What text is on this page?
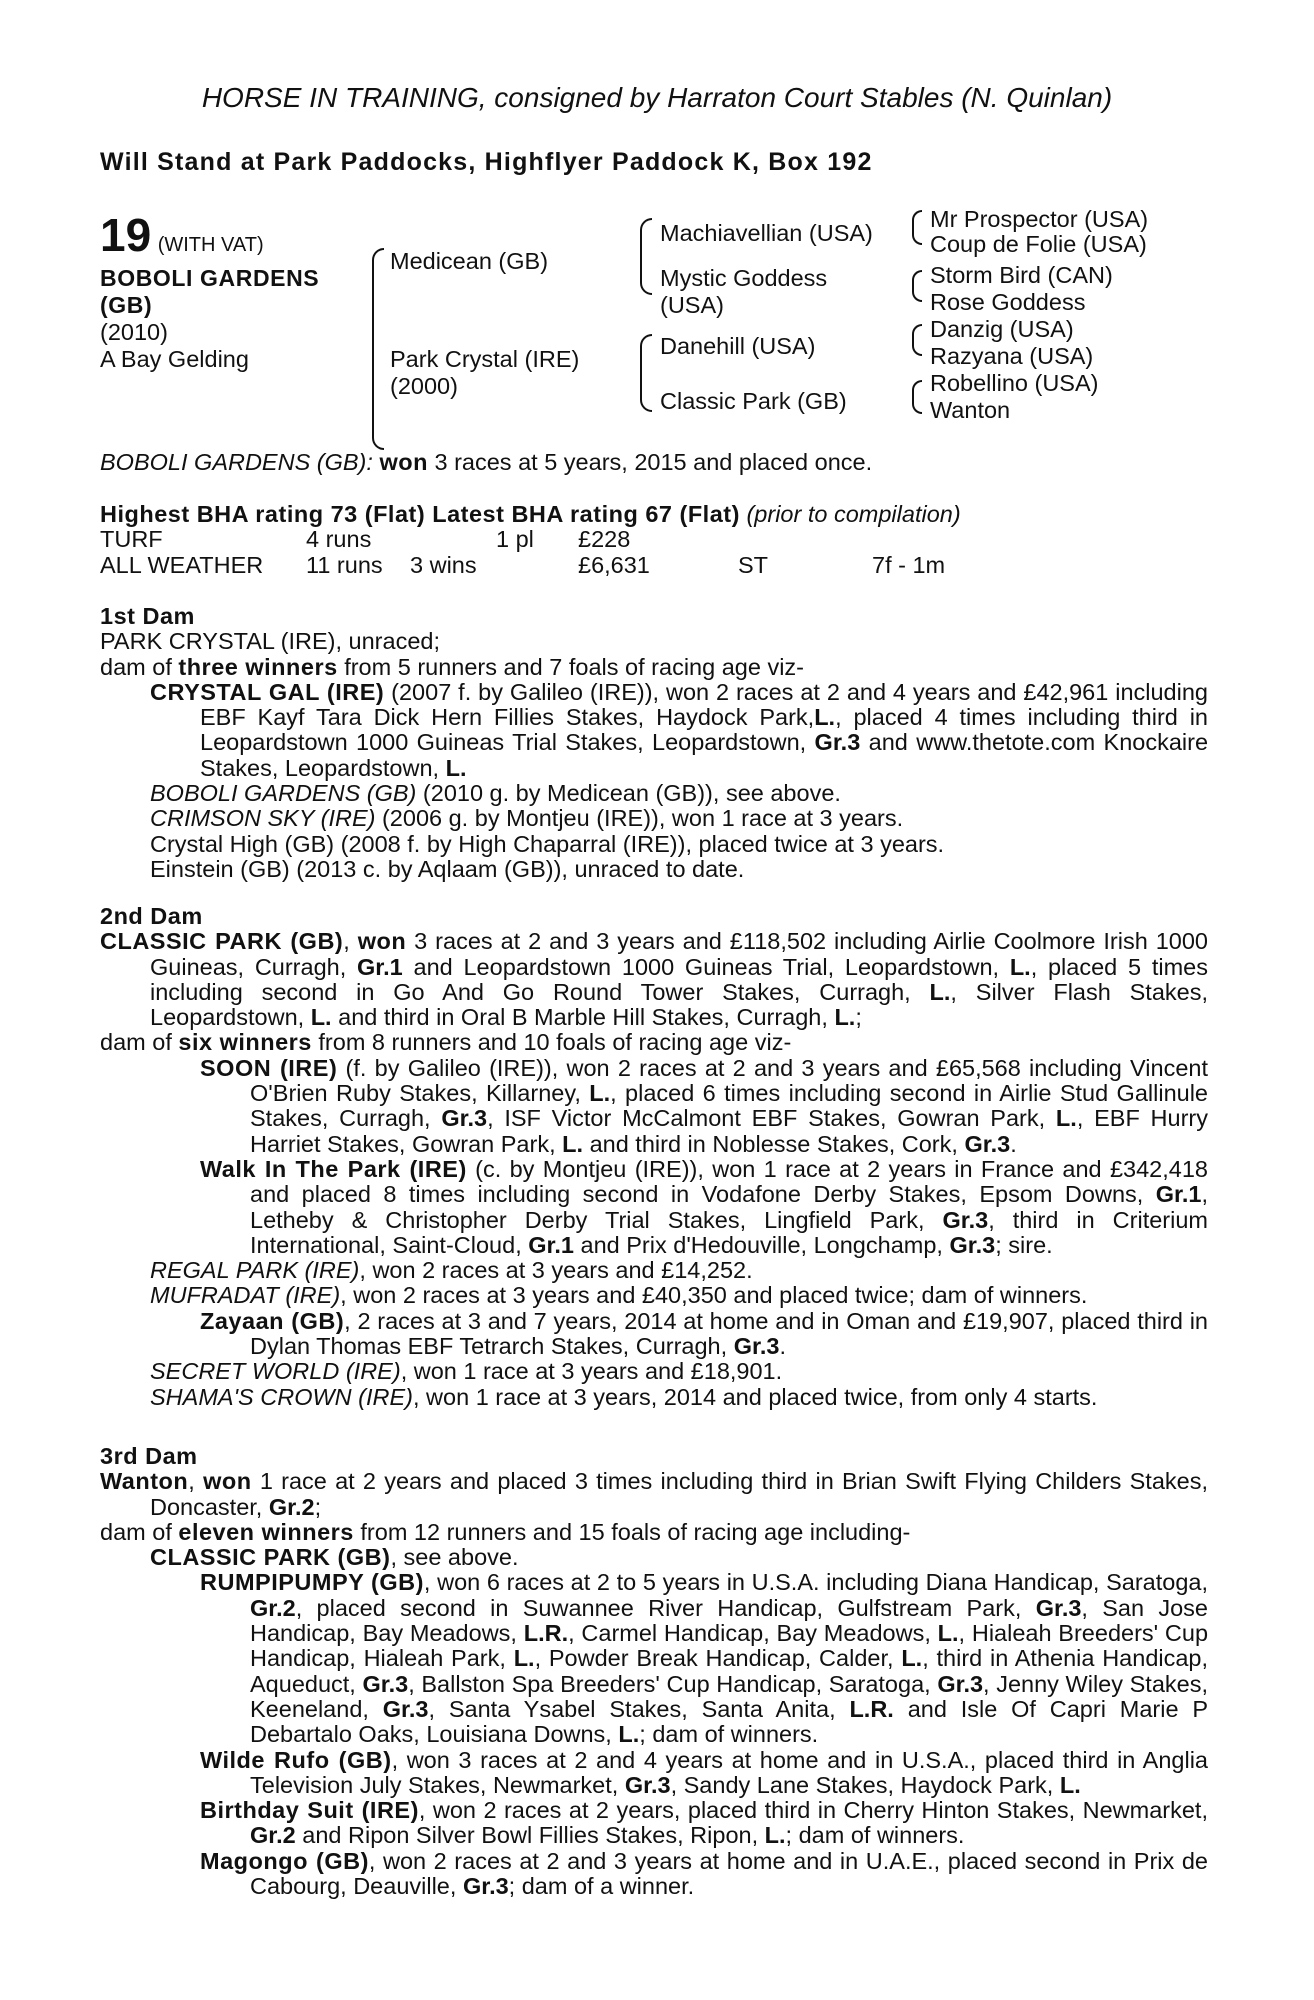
HORSE IN TRAINING, consigned by Harraton Court Stables (N. Quinlan)
Will Stand at Park Paddocks, Highflyer Paddock K, Box 192
19 (WITH VAT)
BOBOLI GARDENS
(GB)
(2010)
A Bay Gelding
Medicean (GB)
Park Crystal (IRE)
(2000)
Machiavellian (USA)
Mystic Goddess
(USA)
Danehill (USA)
Classic Park (GB)
Mr Prospector (USA)
Coup de Folie (USA)
Storm Bird (CAN)
Rose Goddess
Danzig (USA)
Razyana (USA)
Robellino (USA)
Wanton
BOBOLI GARDENS (GB): won 3 races at 5 years, 2015 and placed once.
Highest BHA rating 73 (Flat) Latest BHA rating 67 (Flat) (prior to compilation)
TURF	4 runs	1 pl	£228
ALL WEATHER	11 runs	3 wins	£6,631	ST	7f - 1m
1st Dam

PARK CRYSTAL (IRE), unraced;

dam of three winners from 5 runners and 7 foals of racing age viz-

CRYSTAL GAL (IRE) (2007 f. by Galileo (IRE)), won 2 races at 2 and 4 years and £42,961 including EBF Kayf Tara Dick Hern Fillies Stakes, Haydock Park,L., placed 4 times including third in Leopardstown 1000 Guineas Trial Stakes, Leopardstown, Gr.3 and www.thetote.com Knockaire Stakes, Leopardstown, L.

BOBOLI GARDENS (GB) (2010 g. by Medicean (GB)), see above.

CRIMSON SKY (IRE) (2006 g. by Montjeu (IRE)), won 1 race at 3 years.

Crystal High (GB) (2008 f. by High Chaparral (IRE)), placed twice at 3 years.

Einstein (GB) (2013 c. by Aqlaam (GB)), unraced to date.

2nd Dam

CLASSIC PARK (GB), won 3 races at 2 and 3 years and £118,502 including Airlie Coolmore Irish 1000 Guineas, Curragh, Gr.1 and Leopardstown 1000 Guineas Trial, Leopardstown, L., placed 5 times including second in Go And Go Round Tower Stakes, Curragh, L., Silver Flash Stakes, Leopardstown, L. and third in Oral B Marble Hill Stakes, Curragh, L.;

dam of six winners from 8 runners and 10 foals of racing age viz-

SOON (IRE) (f. by Galileo (IRE)), won 2 races at 2 and 3 years and £65,568 including Vincent O'Brien Ruby Stakes, Killarney, L., placed 6 times including second in Airlie Stud Gallinule Stakes, Curragh, Gr.3, ISF Victor McCalmont EBF Stakes, Gowran Park, L., EBF Hurry Harriet Stakes, Gowran Park, L. and third in Noblesse Stakes, Cork, Gr.3.

Walk In The Park (IRE) (c. by Montjeu (IRE)), won 1 race at 2 years in France and £342,418 and placed 8 times including second in Vodafone Derby Stakes, Epsom Downs, Gr.1, Letheby & Christopher Derby Trial Stakes, Lingfield Park, Gr.3, third in Criterium International, Saint-Cloud, Gr.1 and Prix d'Hedouville, Longchamp, Gr.3; sire.

REGAL PARK (IRE), won 2 races at 3 years and £14,252.

MUFRADAT (IRE), won 2 races at 3 years and £40,350 and placed twice; dam of winners.

Zayaan (GB), 2 races at 3 and 7 years, 2014 at home and in Oman and £19,907, placed third in Dylan Thomas EBF Tetrarch Stakes, Curragh, Gr.3.

SECRET WORLD (IRE), won 1 race at 3 years and £18,901.

SHAMA'S CROWN (IRE), won 1 race at 3 years, 2014 and placed twice, from only 4 starts.

3rd Dam

Wanton, won 1 race at 2 years and placed 3 times including third in Brian Swift Flying Childers Stakes, Doncaster, Gr.2;

dam of eleven winners from 12 runners and 15 foals of racing age including-

CLASSIC PARK (GB), see above.

RUMPIPUMPY (GB), won 6 races at 2 to 5 years in U.S.A. including Diana Handicap, Saratoga, Gr.2, placed second in Suwannee River Handicap, Gulfstream Park, Gr.3, San Jose Handicap, Bay Meadows, L.R., Carmel Handicap, Bay Meadows, L., Hialeah Breeders' Cup Handicap, Hialeah Park, L., Powder Break Handicap, Calder, L., third in Athenia Handicap, Aqueduct, Gr.3, Ballston Spa Breeders' Cup Handicap, Saratoga, Gr.3, Jenny Wiley Stakes, Keeneland, Gr.3, Santa Ysabel Stakes, Santa Anita, L.R. and Isle Of Capri Marie P Debartalo Oaks, Louisiana Downs, L.; dam of winners.

Wilde Rufo (GB), won 3 races at 2 and 4 years at home and in U.S.A., placed third in Anglia Television July Stakes, Newmarket, Gr.3, Sandy Lane Stakes, Haydock Park, L.

Birthday Suit (IRE), won 2 races at 2 years, placed third in Cherry Hinton Stakes, Newmarket, Gr.2 and Ripon Silver Bowl Fillies Stakes, Ripon, L.; dam of winners.

Magongo (GB), won 2 races at 2 and 3 years at home and in U.A.E., placed second in Prix de Cabourg, Deauville, Gr.3; dam of a winner.
